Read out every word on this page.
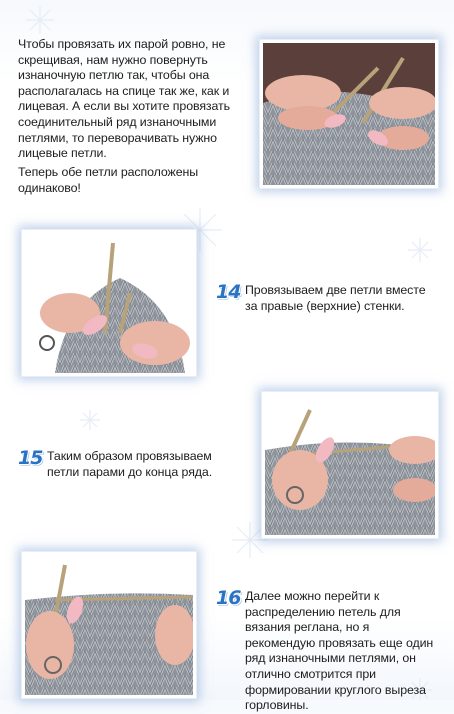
Чтобы провязать их парой ровно, не скрещивая, нам нужно повернуть изнаночную петлю так, чтобы она располагалась на спице так же, как и лицевая. А если вы хотите провязать соединительный ряд изнаночными петлями, то переворачивать нужно лицевые петли.
Теперь обе петли расположены одинаково!
14 Провязываем две петли вместе за правые (верхние) стенки.
15 Таким образом провязываем петли парами до конца ряда.
16 Далее можно перейти к распределению петель для вязания реглана, но я рекомендую провязать еще один ряд изнаночными петлями, он отлично смотрится при формировании круглого выреза горловины.
